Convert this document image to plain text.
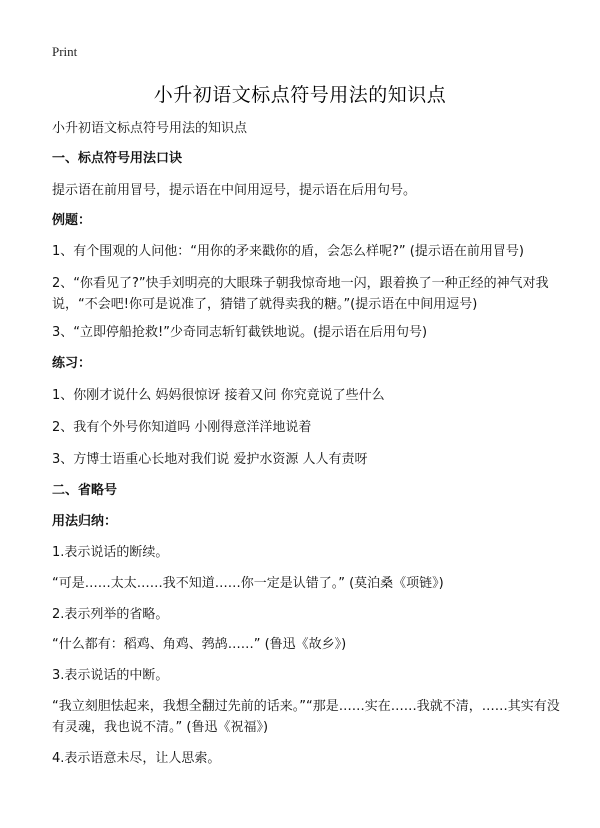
Print
小升初语文标点符号用法的知识点
小升初语文标点符号用法的知识点
一、标点符号用法口诀
提示语在前用冒号，提示语在中间用逗号，提示语在后用句号。
例题：
1、有个围观的人问他：“用你的矛来戳你的盾，会怎么样呢?” (提示语在前用冒号)
2、“你看见了?”快手刘明亮的大眼珠子朝我惊奇地一闪，跟着换了一种正经的神气对我说，“不会吧!你可是说准了，猜错了就得卖我的糖。”(提示语在中间用逗号)
3、“立即停船抢救!”少奇同志斩钉截铁地说。(提示语在后用句号)
练习：
1、你刚才说什么 妈妈很惊讶 接着又问 你究竟说了些什么
2、我有个外号你知道吗 小刚得意洋洋地说着
3、方博士语重心长地对我们说 爱护水资源 人人有责呀
二、省略号
用法归纳：
1.表示说话的断续。
“可是……太太……我不知道……你一定是认错了。” (莫泊桑《项链》)
2.表示列举的省略。
“什么都有：稻鸡、角鸡、鹁鸪……” (鲁迅《故乡》)
3.表示说话的中断。
“我立刻胆怯起来，我想全翻过先前的话来。”“那是……实在……我就不清，……其实有没有灵魂，我也说不清。” (鲁迅《祝福》)
4.表示语意未尽，让人思索。
